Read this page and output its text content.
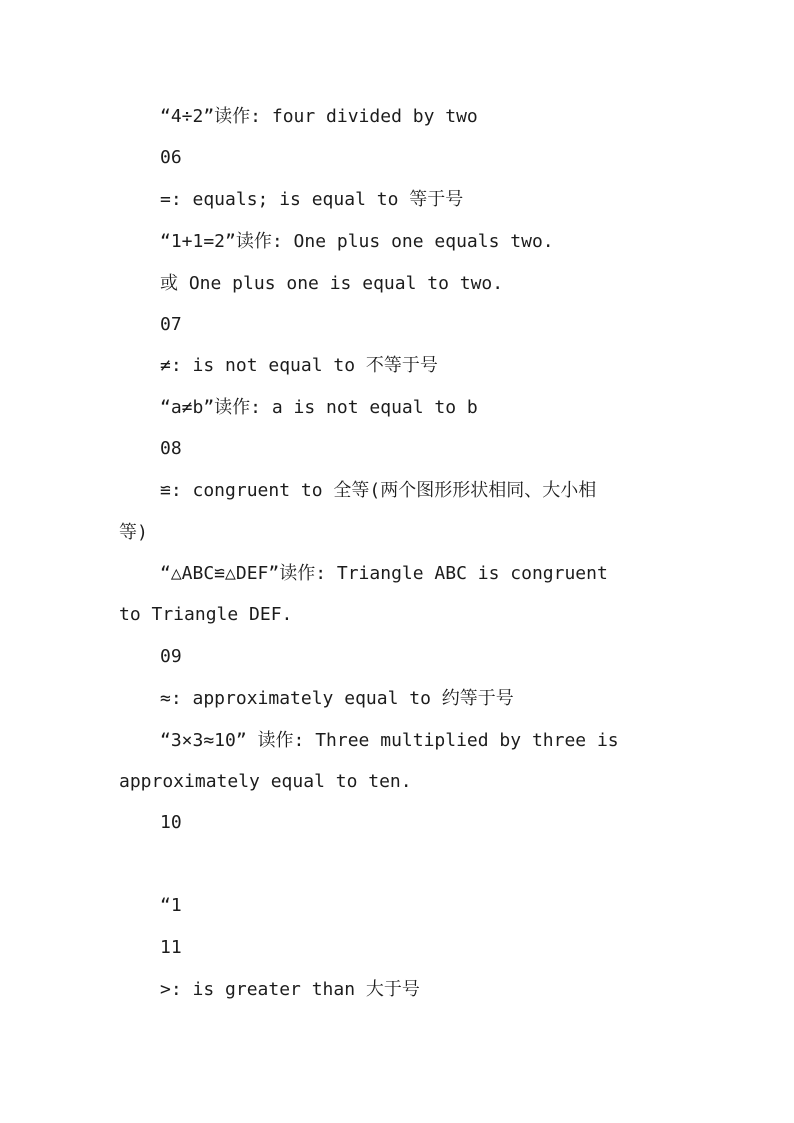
“4÷2”读作: four divided by two

06

=: equals; is equal to 等于号

“1+1=2”读作: One plus one equals two.

或 One plus one is equal to two.

07

≠: is not equal to 不等于号

“a≠b”读作: a is not equal to b

08

≌: congruent to 全等(两个图形形状相同、大小相

等)

“△ABC≌△DEF”读作: Triangle ABC is congruent

to Triangle DEF.

09

≈: approximately equal to 约等于号

“3×3≈10” 读作: Three multiplied by three is

approximately equal to ten.

10

“1

11

>: is greater than 大于号
